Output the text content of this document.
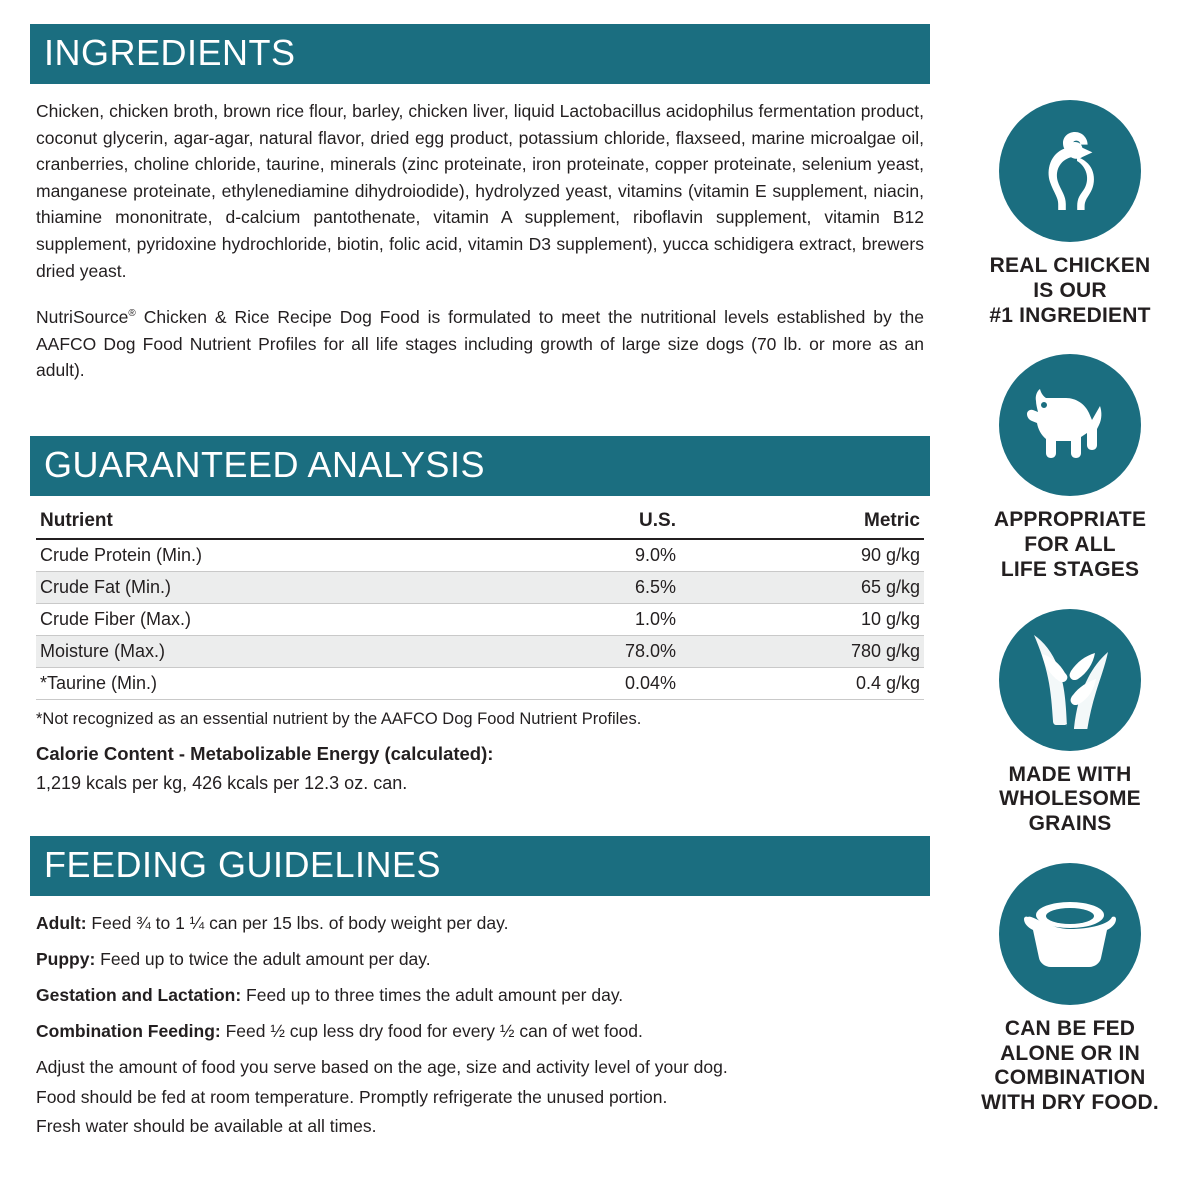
INGREDIENTS
Chicken, chicken broth, brown rice flour, barley, chicken liver, liquid Lactobacillus acidophilus fermentation product, coconut glycerin, agar-agar, natural flavor, dried egg product, potassium chloride, flaxseed, marine microalgae oil, cranberries, choline chloride, taurine, minerals (zinc proteinate, iron proteinate, copper proteinate, selenium yeast, manganese proteinate, ethylenediamine dihydroiodide), hydrolyzed yeast, vitamins (vitamin E supplement, niacin, thiamine mononitrate, d-calcium pantothenate, vitamin A supplement, riboflavin supplement, vitamin B12 supplement, pyridoxine hydrochloride, biotin, folic acid, vitamin D3 supplement), yucca schidigera extract, brewers dried yeast.
NutriSource® Chicken & Rice Recipe Dog Food is formulated to meet the nutritional levels established by the AAFCO Dog Food Nutrient Profiles for all life stages including growth of large size dogs (70 lb. or more as an adult).
GUARANTEED ANALYSIS
Nutrient	U.S.	Metric
Crude Protein (Min.)	9.0%	90 g/kg
Crude Fat (Min.)	6.5%	65 g/kg
Crude Fiber (Max.)	1.0%	10 g/kg
Moisture (Max.)	78.0%	780 g/kg
*Taurine (Min.)	0.04%	0.4 g/kg
*Not recognized as an essential nutrient by the AAFCO Dog Food Nutrient Profiles.
Calorie Content - Metabolizable Energy (calculated):
1,219 kcals per kg, 426 kcals per 12.3 oz. can.
FEEDING GUIDELINES
Adult: Feed ¾ to 1 ¼ can per 15 lbs. of body weight per day.
Puppy: Feed up to twice the adult amount per day.
Gestation and Lactation: Feed up to three times the adult amount per day.
Combination Feeding: Feed ½ cup less dry food for every ½ can of wet food.
Adjust the amount of food you serve based on the age, size and activity level of your dog.
Food should be fed at room temperature. Promptly refrigerate the unused portion.
Fresh water should be available at all times.
REAL CHICKEN
IS OUR
#1 INGREDIENT
APPROPRIATE
FOR ALL
LIFE STAGES
MADE WITH
WHOLESOME
GRAINS
CAN BE FED
ALONE OR IN
COMBINATION
WITH DRY FOOD.
